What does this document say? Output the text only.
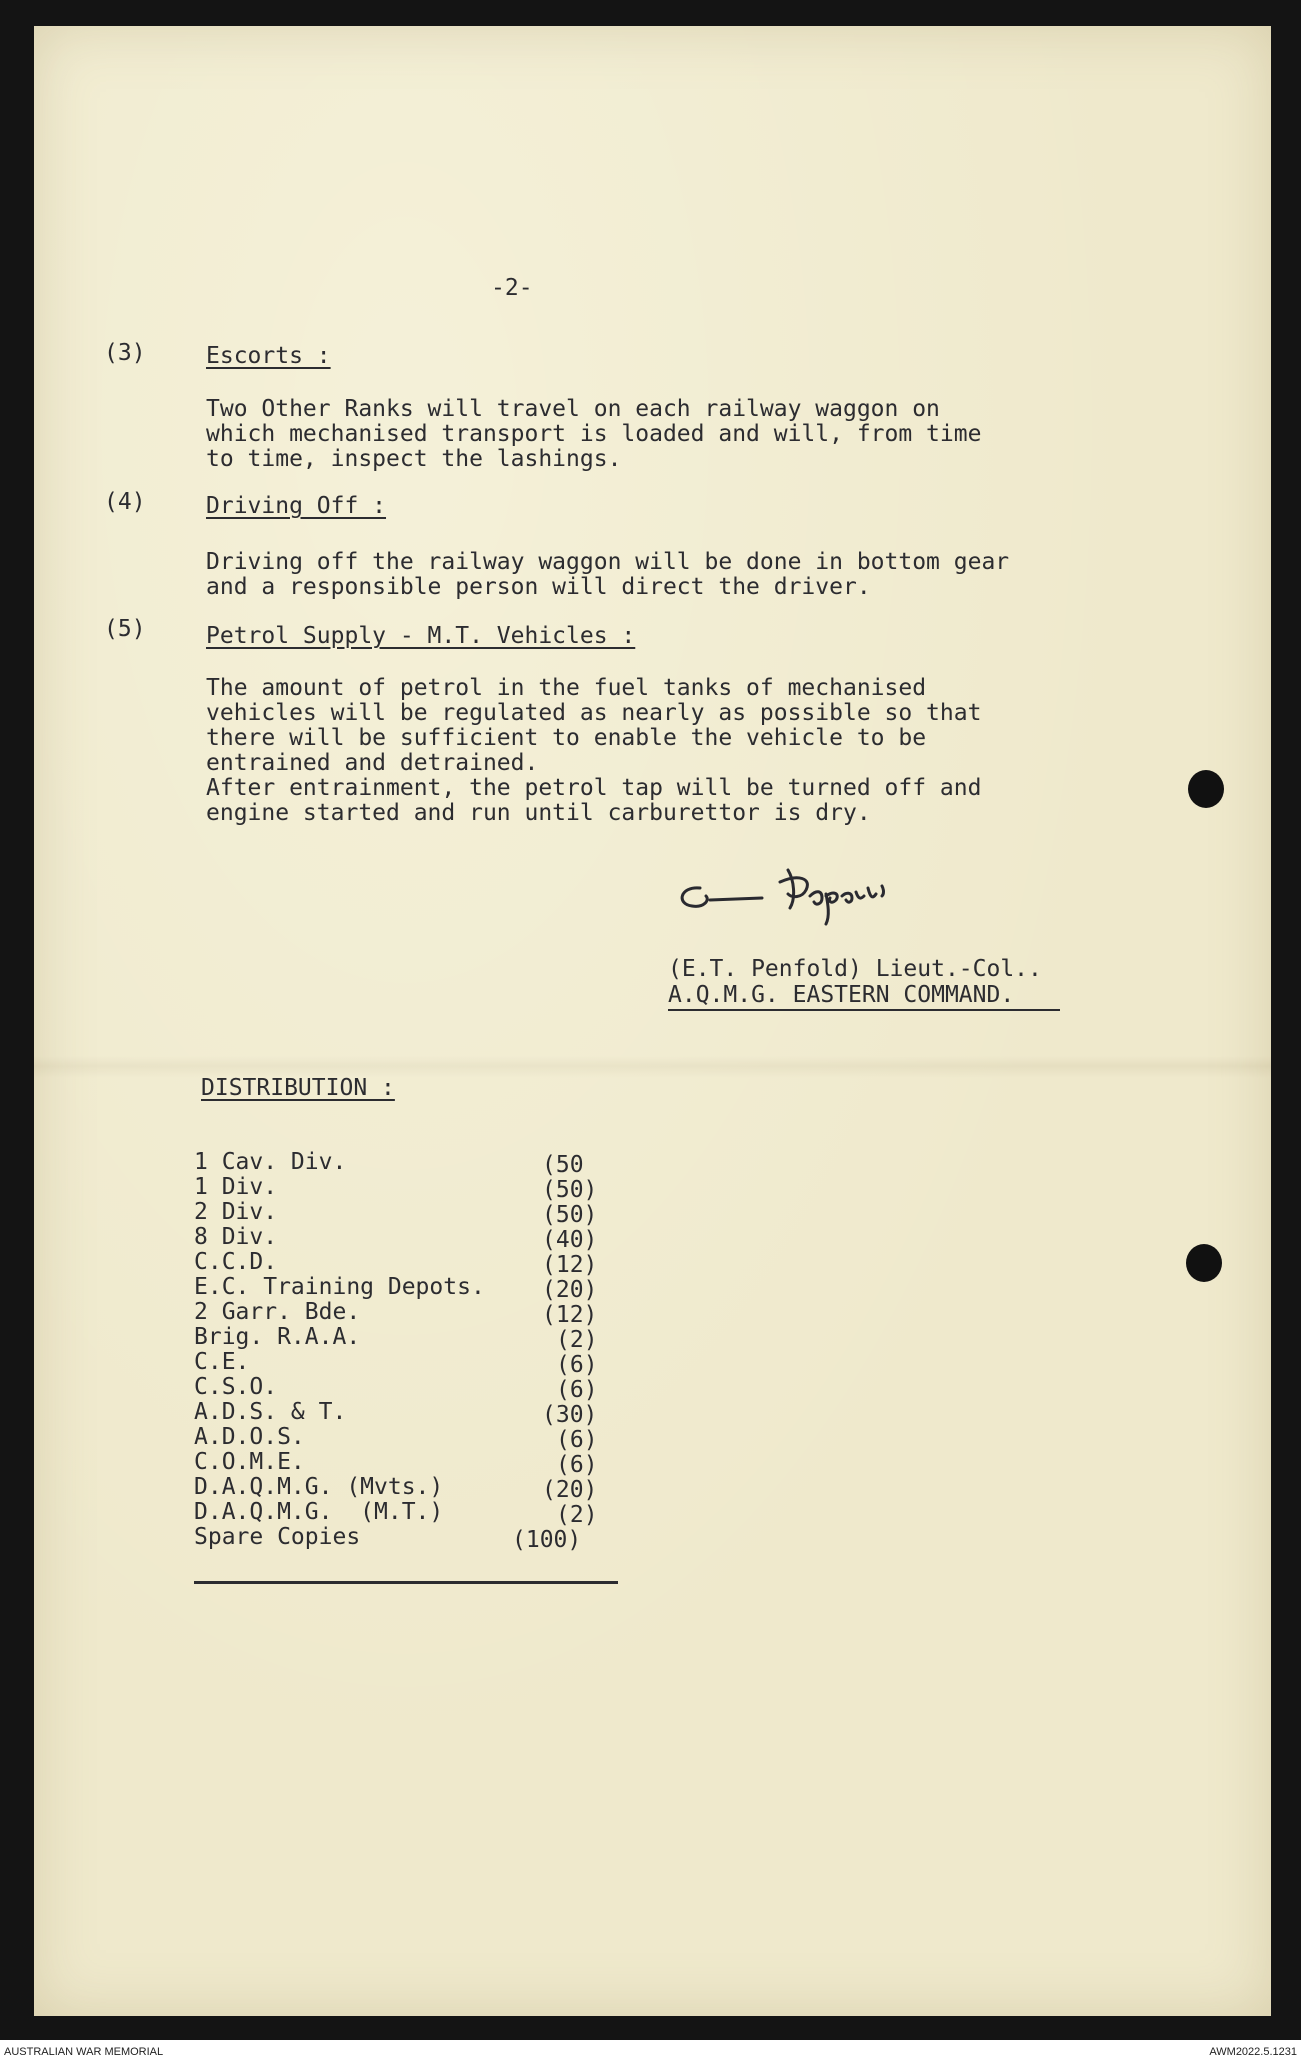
-2-

(3)	Escorts :

Two Other Ranks will travel on each railway waggon on

which mechanised transport is loaded and will, from time

to time, inspect the lashings.

(4)	Driving Off :

Driving off the railway waggon will be done in bottom gear

and a responsible person will direct the driver.

(5)	Petrol Supply - M.T. Vehicles :

The amount of petrol in the fuel tanks of mechanised

vehicles will be regulated as nearly as possible so that

there will be sufficient to enable the vehicle to be

entrained and detrained.

After entrainment, the petrol tap will be turned off and

engine started and run until carburettor is dry.

(E.T. Penfold) Lieut.-Col..

A.Q.M.G. EASTERN COMMAND.

DISTRIBUTION :

1 Cav. Div.	(50

1 Div.	(50)

2 Div.	(50)

8 Div.	(40)

C.C.D.	(12)

E.C. Training Depots. (20)

2 Garr. Bde.	(12)

Brig. R.A.A.	(2)

C.E.	(6)

C.S.O.	(6)

A.D.S. & T.	(30)

A.D.O.S.	(6)

C.O.M.E.	(6)

D.A.Q.M.G. (Mvts.)	(20)

D.A.Q.M.G.  (M.T.)	(2)

Spare Copies	(100)

AUSTRALIAN WAR MEMORIAL	AWM2022.5.1231
